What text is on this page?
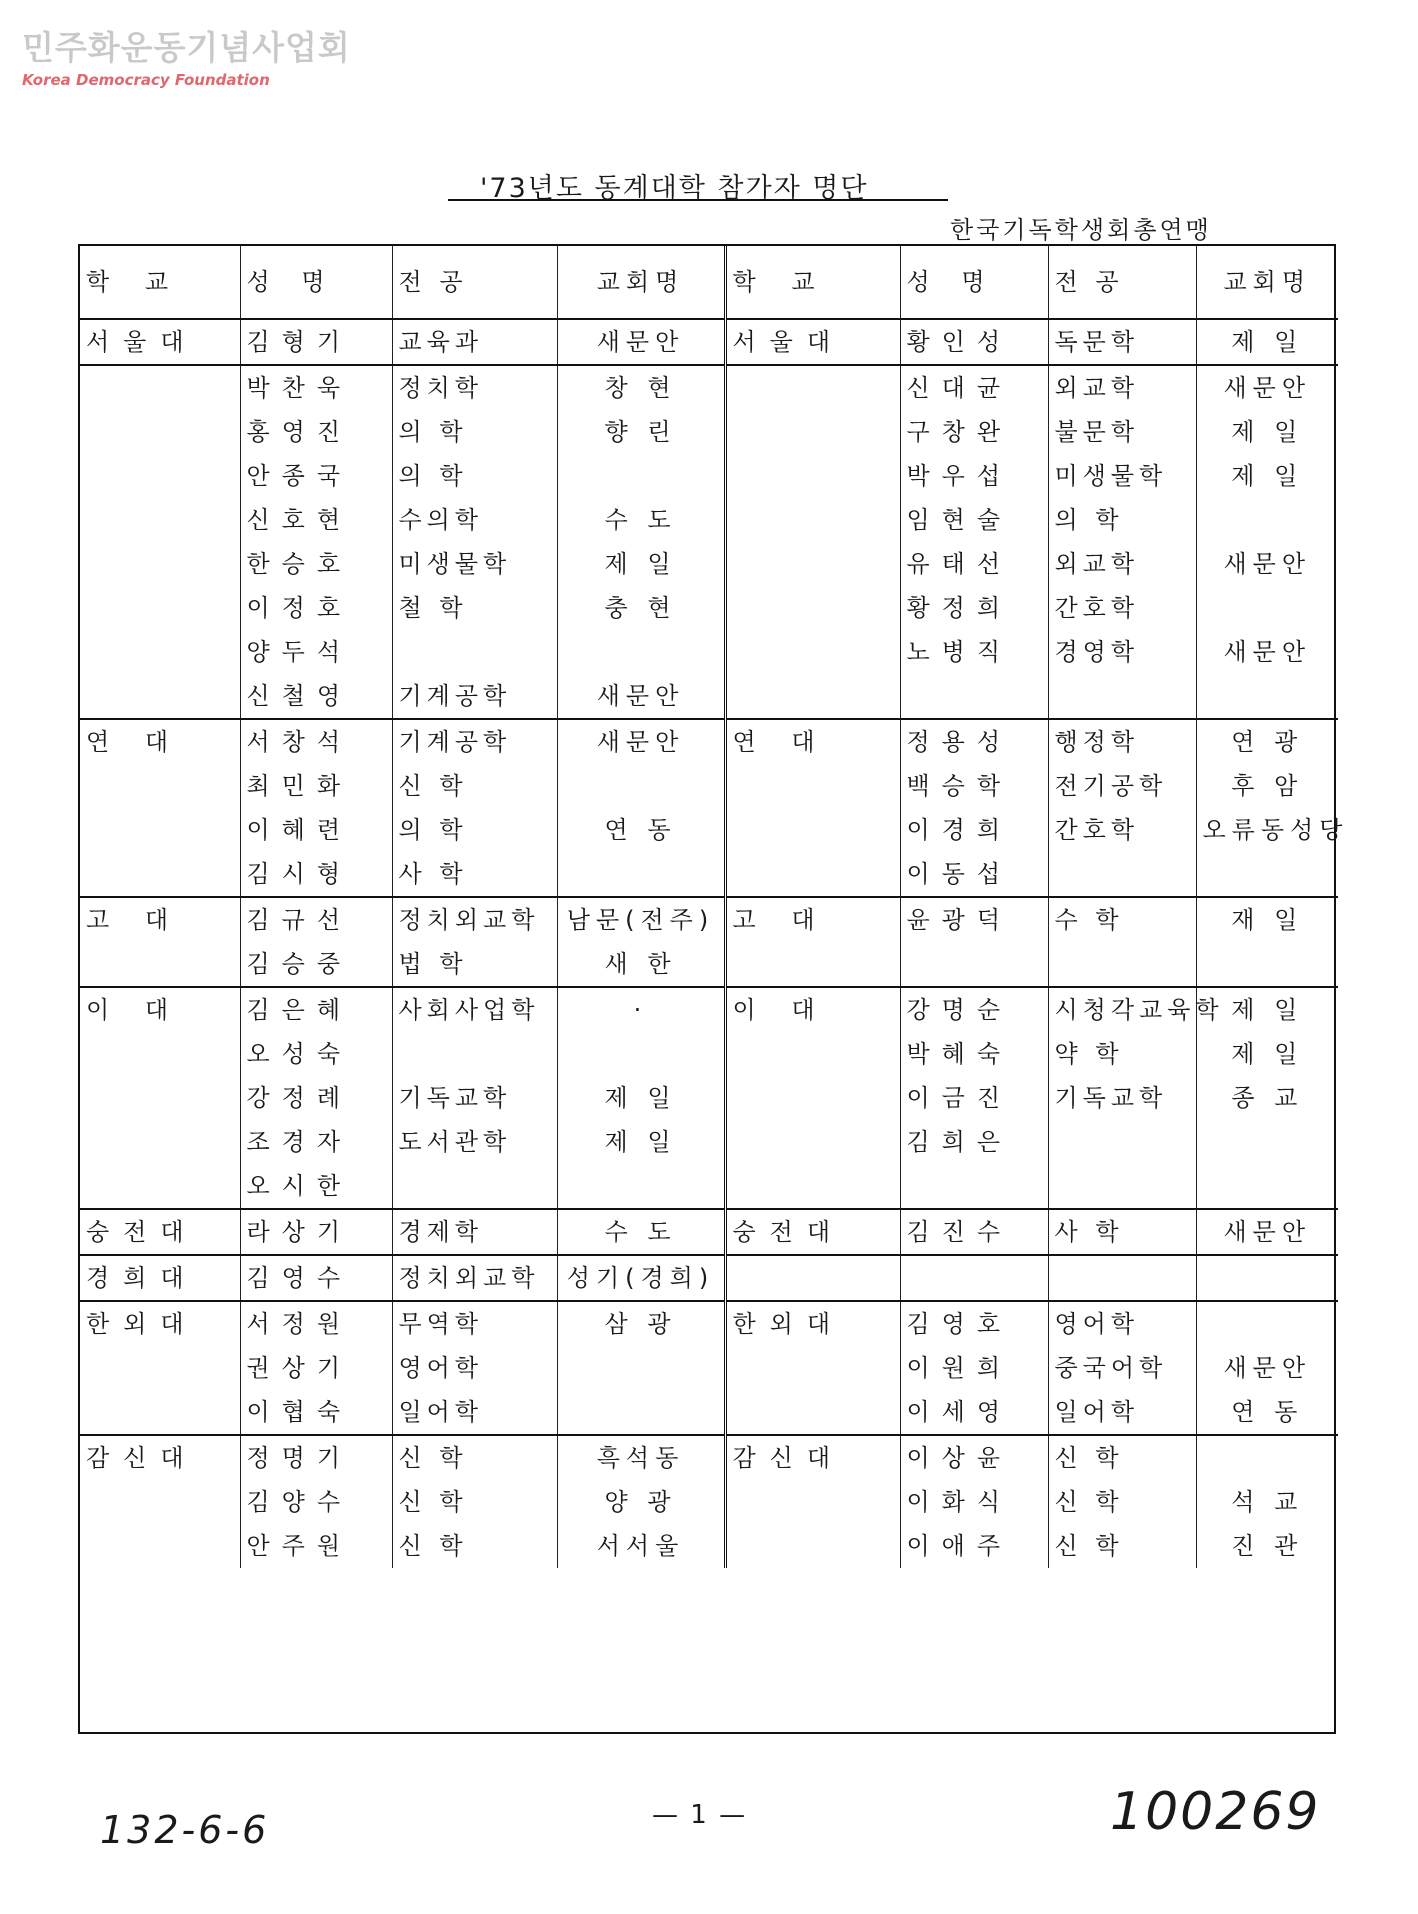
민주화운동기념사업회
Korea Democracy Foundation
'73년도 동계대학 참가자 명단
한국기독학생회총연맹
학 교	성 명	전 공	교회명	학 교	성 명	전 공	교회명
서울대	김형기	교육과	새문안	서울대	황인성	독문학	제 일
	박찬욱	정치학	창 현		신대균	외교학	새문안
	홍영진	의 학	향 린		구창완	불문학	제 일
	안종국	의 학			박우섭	미생물학	제 일
	신호현	수의학	수 도		임현술	의 학	
	한승호	미생물학	제 일		유태선	외교학	새문안
	이정호	철 학	충 현		황정희	간호학	
	양두석				노병직	경영학	새문안
	신철영	기계공학	새문안				
연 대	서창석	기계공학	새문안	연 대	정용성	행정학	연 광
	최민화	신 학			백승학	전기공학	후 암
	이혜련	의 학	연 동		이경희	간호학	오류동성당
	김시형	사 학			이동섭		
고 대	김규선	정치외교학	남문(전주)	고 대	윤광덕	수 학	재 일
	김승중	법 학	새 한				
이 대	김은혜	사회사업학	·	이 대	강명순	시청각교육학	제 일
	오성숙				박혜숙	약 학	제 일
	강정례	기독교학	제 일		이금진	기독교학	종 교
	조경자	도서관학	제 일		김희은		
	오시한						
숭전대	라상기	경제학	수 도	숭전대	김진수	사 학	새문안
경희대	김영수	정치외교학	성기(경희)				
한외대	서정원	무역학	삼 광	한외대	김영호	영어학	
	권상기	영어학			이원희	중국어학	새문안
	이협숙	일어학			이세영	일어학	연 동
감신대	정명기	신 학	흑석동	감신대	이상윤	신 학	
	김양수	신 학	양 광		이화식	신 학	석 교
	안주원	신 학	서서울		이애주	신 학	진 관
132-6-6	— 1 —	100269
